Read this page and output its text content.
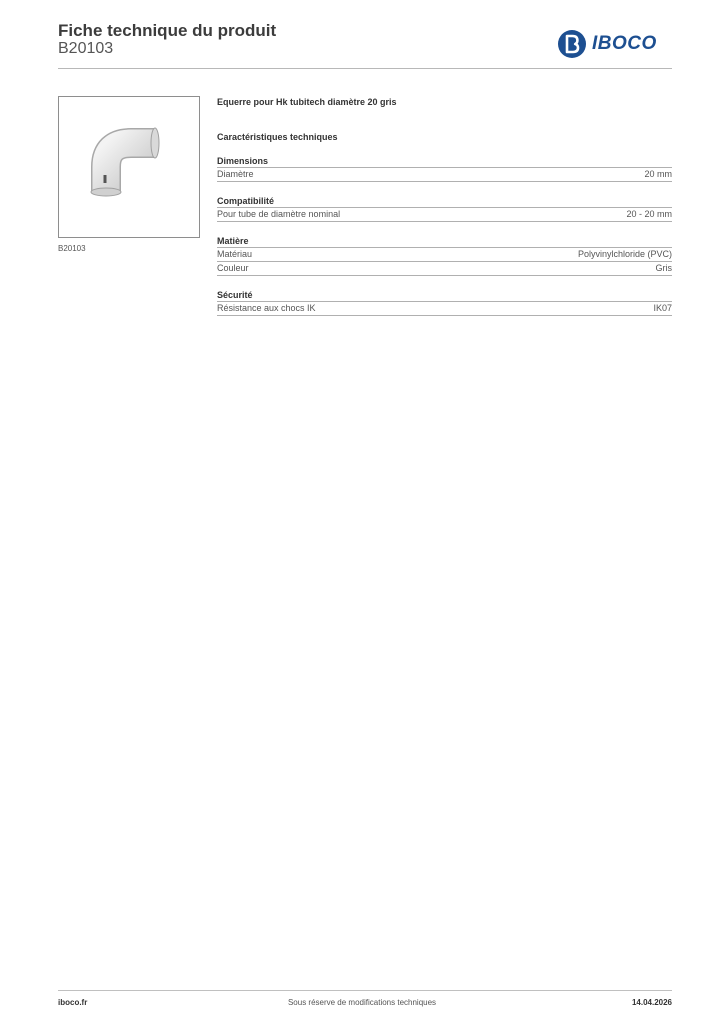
Fiche technique du produit
B20103	IBOCO
B20103
Equerre pour Hk tubitech diamètre 20 gris
Caractéristiques techniques
Dimensions
Diamètre	20 mm
Compatibilité
Pour tube de diamètre nominal	20 - 20 mm
Matière
Matériau	Polyvinylchloride (PVC)
Couleur	Gris
Sécurité
Résistance aux chocs IK	IK07
iboco.fr	Sous réserve de modifications techniques	14.04.2026
